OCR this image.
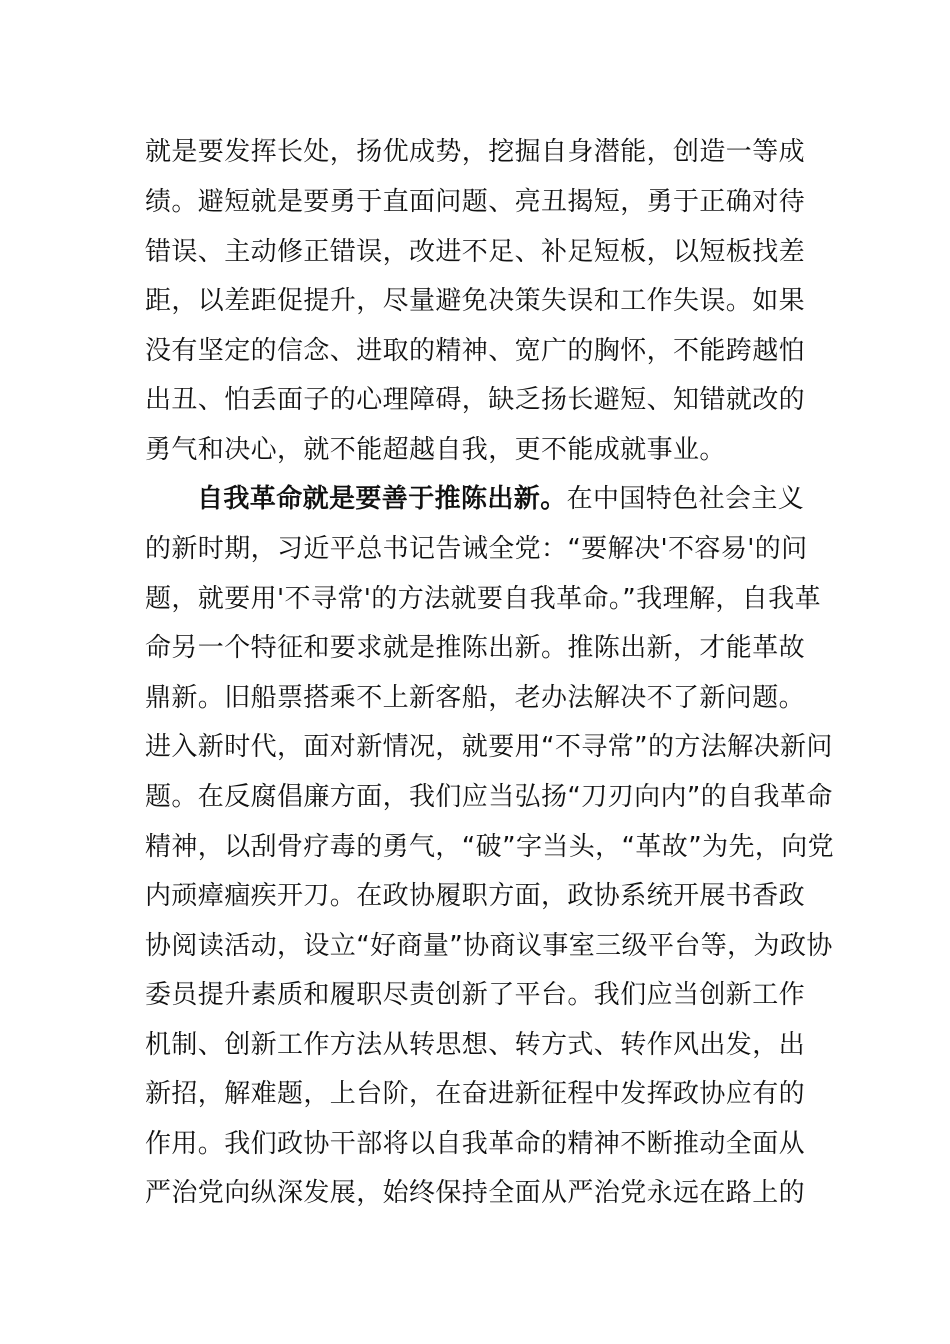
就是要发挥长处，扬优成势，挖掘自身潜能，创造一等成
绩。避短就是要勇于直面问题、亮丑揭短，勇于正确对待
错误、主动修正错误，改进不足、补足短板，以短板找差
距，以差距促提升，尽量避免决策失误和工作失误。如果
没有坚定的信念、进取的精神、宽广的胸怀，不能跨越怕
出丑、怕丢面子的心理障碍，缺乏扬长避短、知错就改的
勇气和决心，就不能超越自我，更不能成就事业。
自我革命就是要善于推陈出新。在中国特色社会主义
的新时期，习近平总书记告诫全党：“要解决'不容易'的问
题，就要用'不寻常'的方法就要自我革命。”我理解，自我革
命另一个特征和要求就是推陈出新。推陈出新，才能革故
鼎新。旧船票搭乘不上新客船，老办法解决不了新问题。
进入新时代，面对新情况，就要用“不寻常”的方法解决新问
题。在反腐倡廉方面，我们应当弘扬“刀刃向内”的自我革命
精神，以刮骨疗毒的勇气，“破”字当头，“革故”为先，向党
内顽瘴痼疾开刀。在政协履职方面，政协系统开展书香政
协阅读活动，设立“好商量”协商议事室三级平台等，为政协
委员提升素质和履职尽责创新了平台。我们应当创新工作
机制、创新工作方法从转思想、转方式、转作风出发，出
新招，解难题，上台阶，在奋进新征程中发挥政协应有的
作用。我们政协干部将以自我革命的精神不断推动全面从
严治党向纵深发展，始终保持全面从严治党永远在路上的
